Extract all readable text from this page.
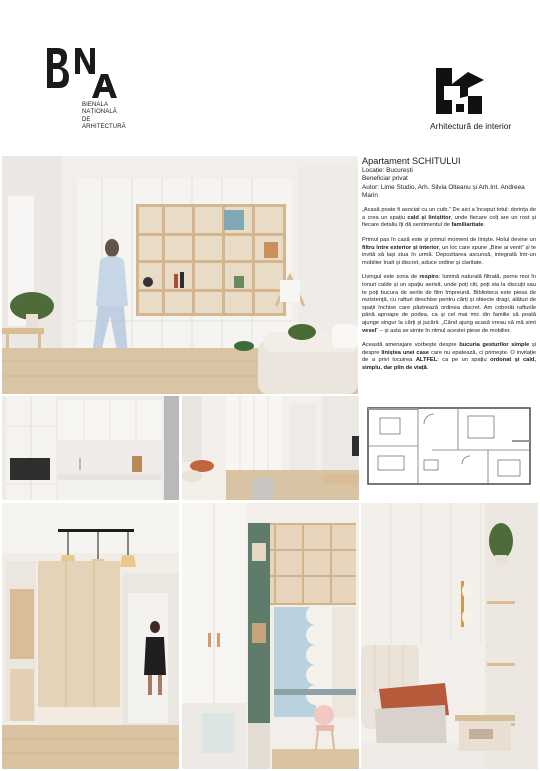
BIENALA
NAȚIONALĂ
DE
ARHITECTURĂ	Arhitectură de interior
Apartament SCHITULUI
Locație: București
Beneficiar privat
Autor: Lime Studio, Arh. Silvia Olteanu și Arh.Int. Andreea Marin

„Acasă poate fi asociat cu un cuib.” De aici a început totul: dorința de a crea un spațiu cald și liniștitor, unde fiecare colț are un rost și fiecare detaliu îți dă sentimentul de familiaritate.

Primul pas în casă este și primul moment de liniște. Holul devine un filtru între exterior și interior, un loc care spune „Bine ai venit” și te invită să lași ziua în urmă. Depozitarea ascunsă, integrată într-un mobilier înalt și discret, aduce ordine și claritate.

Livingul este zona de respiro: lumină naturală filtrată, perne moi în tonuri calde și un spațiu aerisit, unde poți citi, poți sta la discuții sau te poți bucura de serile de film împreună. Biblioteca este piesa de rezistență, cu rafturi deschise pentru cărți și obiecte dragi, alături de spații închise care păstrează ordinea discret. Am coborât rafturile până aproape de podea, ca și cel mai mic din familie să poată ajunge singur la cărți și jucării. „Când ajung acasă vreau să mă simt vesel” – și asta se simte în ritmul acestei piese de mobilier.

Această amenajare vorbește despre bucuria gesturilor simple și despre liniștea unei case care nu epatează, ci primește. O invitație de a privi locuirea ALTFEL: ca pe un spațiu ordonat și cald, simplu, dar plin de viață.
